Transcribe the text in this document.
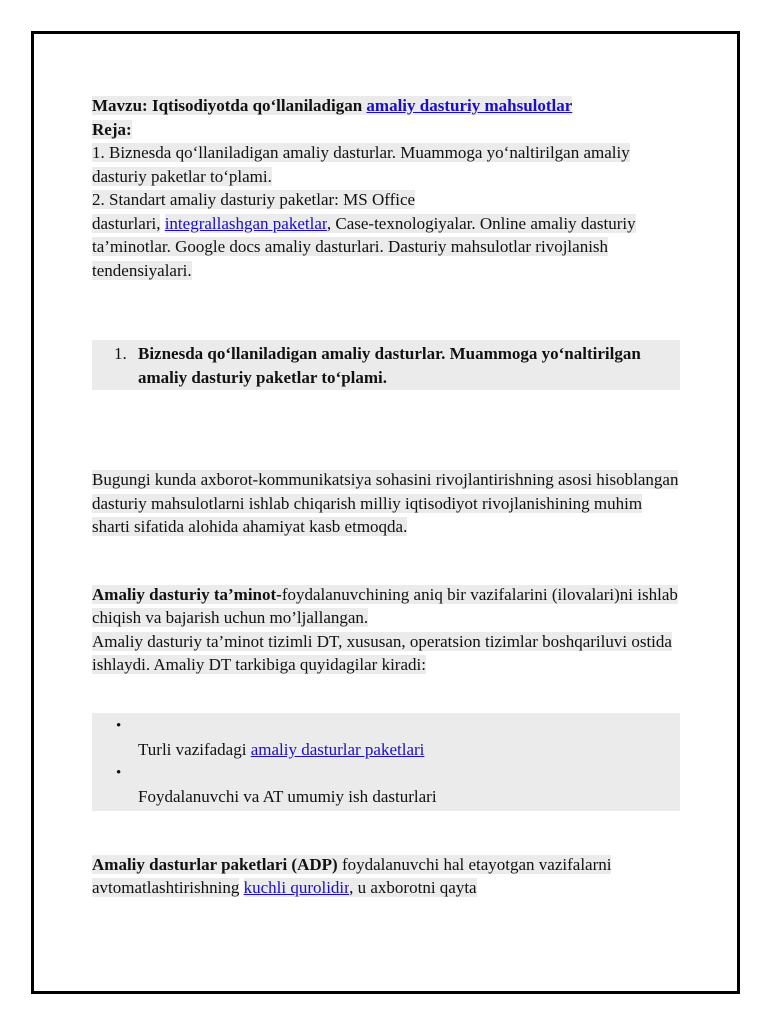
Mavzu: Iqtisodiyotda qo‘llaniladigan amaliy dasturiy mahsulotlar
Reja:
1. Biznesda qo‘llaniladigan amaliy dasturlar. Muammoga yo‘naltirilgan amaliy dasturiy paketlar to‘plami.
2. Standart amaliy dasturiy paketlar: MS Office
dasturlari, integrallashgan paketlar, Case-texnologiyalar. Online amaliy dasturiy ta’minotlar. Google docs amaliy dasturlari. Dasturiy mahsulotlar rivojlanish tendensiyalari.
1. Biznesda qo‘llaniladigan amaliy dasturlar. Muammoga yo‘naltirilgan amaliy dasturiy paketlar to‘plami.
Bugungi kunda axborot-kommunikatsiya sohasini rivojlantirishning asosi hisoblangan dasturiy mahsulotlarni ishlab chiqarish milliy iqtisodiyot rivojlanishining muhim sharti sifatida alohida ahamiyat kasb etmoqda.
Amaliy dasturiy ta’minot-foydalanuvchining aniq bir vazifalarini (ilovalari)ni ishlab chiqish va bajarish uchun mo’ljallangan.
Amaliy dasturiy ta’minot tizimli DT, xususan, operatsion tizimlar boshqariluvi ostida ishlaydi. Amaliy DT tarkibiga quyidagilar kiradi:
•
Turli vazifadagi amaliy dasturlar paketlari
•
Foydalanuvchi va AT umumiy ish dasturlari
Amaliy dasturlar paketlari (ADP) foydalanuvchi hal etayotgan vazifalarni avtomatlashtirishning kuchli qurolidir, u axborotni qayta
